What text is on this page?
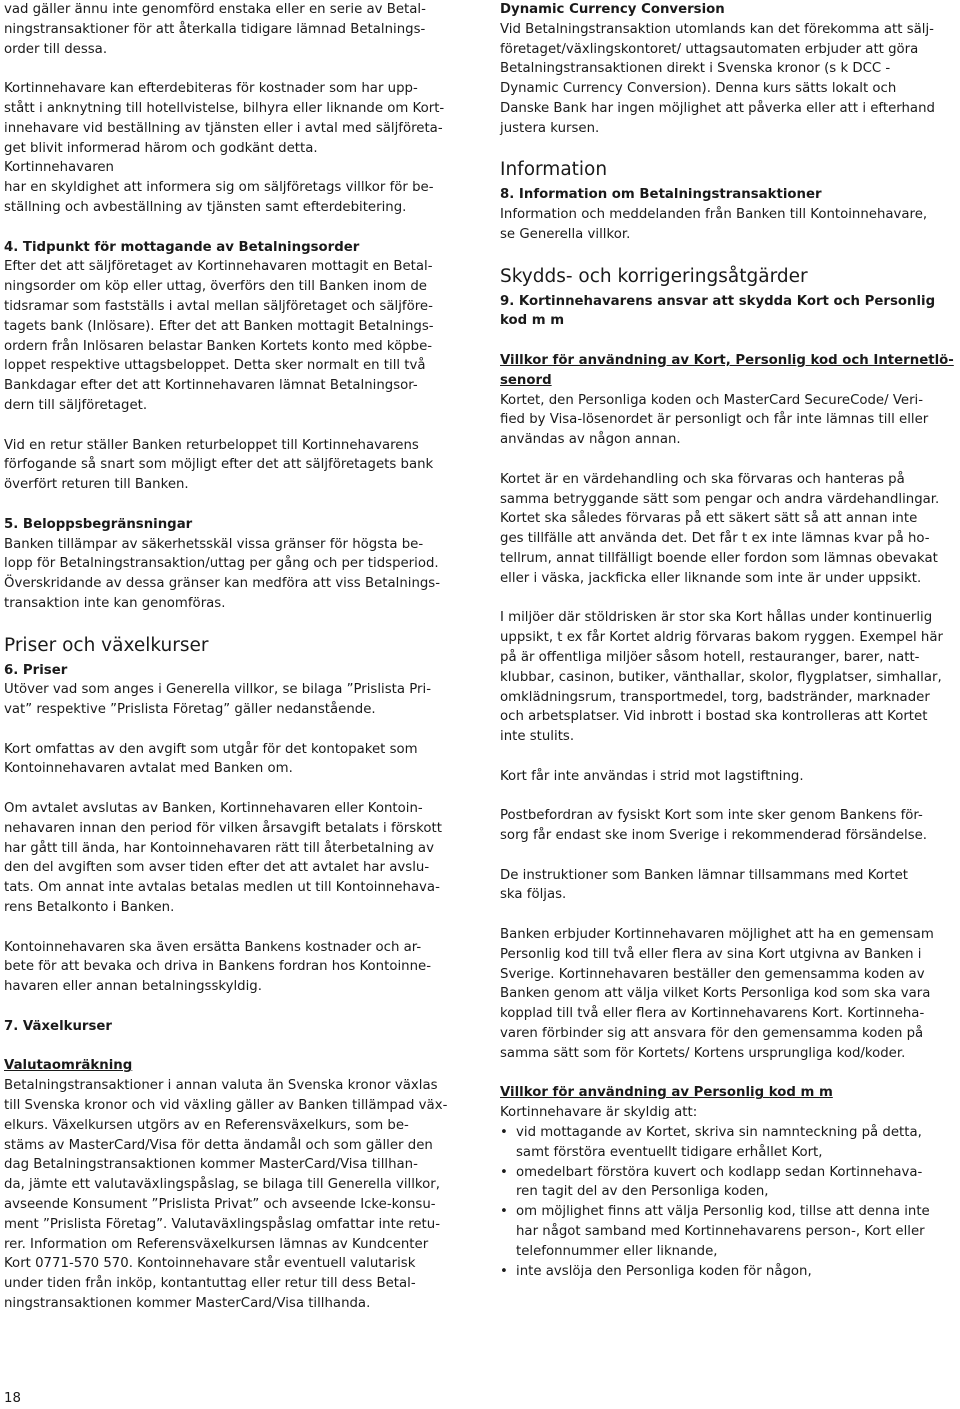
vad gäller ännu inte genomförd enstaka eller en serie av Betal-
ningstransaktioner för att återkalla tidigare lämnad Betalnings-
order till dessa.

Kortinnehavare kan efterdebiteras för kostnader som har upp-
stått i anknytning till hotellvistelse, bilhyra eller liknande om Kort-
innehavare vid beställning av tjänsten eller i avtal med säljföreta-
get blivit informerad härom och godkänt detta.

Kortinnehavaren
har en skyldighet att informera sig om säljföretags villkor för be-
ställning och avbeställning av tjänsten samt efterdebitering.

4. Tidpunkt för mottagande av Betalningsorder

Efter det att säljföretaget av Kortinnehavaren mottagit en Betal-
ningsorder om köp eller uttag, överförs den till Banken inom de
tidsramar som fastställs i avtal mellan säljföretaget och säljföre-
tagets bank (Inlösare). Efter det att Banken mottagit Betalnings-
ordern från Inlösaren belastar Banken Kortets konto med köpbe-
loppet respektive uttagsbeloppet. Detta sker normalt en till två
Bankdagar efter det att Kortinnehavaren lämnat Betalningsor-
dern till säljföretaget.

Vid en retur ställer Banken returbeloppet till Kortinnehavarens
förfogande så snart som möjligt efter det att säljföretagets bank
överfört returen till Banken.

5. Beloppsbegränsningar

Banken tillämpar av säkerhetsskäl vissa gränser för högsta be-
lopp för Betalningstransaktion/uttag per gång och per tidsperiod.
Överskridande av dessa gränser kan medföra att viss Betalnings-
transaktion inte kan genomföras.

Priser och växelkurser
6. Priser

Utöver vad som anges i Generella villkor, se bilaga ”Prislista Pri-
vat” respektive ”Prislista Företag” gäller nedanstående.

Kort omfattas av den avgift som utgår för det kontopaket som
Kontoinnehavaren avtalat med Banken om.

Om avtalet avslutas av Banken, Kortinnehavaren eller Kontoin-
nehavaren innan den period för vilken årsavgift betalats i förskott
har gått till ända, har Kontoinnehavaren rätt till återbetalning av
den del avgiften som avser tiden efter det att avtalet har avslu-
tats. Om annat inte avtalas betalas medlen ut till Kontoinnehava-
rens Betalkonto i Banken.

Kontoinnehavaren ska även ersätta Bankens kostnader och ar-
bete för att bevaka och driva in Bankens fordran hos Kontoinne-
havaren eller annan betalningsskyldig.

7. Växelkurser

Valutaomräkning

Betalningstransaktioner i annan valuta än Svenska kronor växlas
till Svenska kronor och vid växling gäller av Banken tillämpad väx-
elkurs. Växelkursen utgörs av en Referensväxelkurs, som be-
stäms av MasterCard/Visa för detta ändamål och som gäller den
dag Betalningstransaktionen kommer MasterCard/Visa tillhan-
da, jämte ett valutaväxlingspåslag, se bilaga till Generella villkor,
avseende Konsument ”Prislista Privat” och avseende Icke-konsu-
ment ”Prislista Företag”. Valutaväxlingspåslag omfattar inte retu-
rer. Information om Referensväxelkursen lämnas av Kundcenter
Kort 0771-570 570. Kontoinnehavare står eventuell valutarisk
under tiden från inköp, kontantuttag eller retur till dess Betal-
ningstransaktionen kommer MasterCard/Visa tillhanda.

Dynamic Currency Conversion

Vid Betalningstransaktion utomlands kan det förekomma att sälj-
företaget/växlingskontoret/ uttagsautomaten erbjuder att göra
Betalningstransaktionen direkt i Svenska kronor (s k DCC -
Dynamic Currency Conversion). Denna kurs sätts lokalt och
Danske Bank har ingen möjlighet att påverka eller att i efterhand
justera kursen.

Information
8. Information om Betalningstransaktioner

Information och meddelanden från Banken till Kontoinnehavare,
se Generella villkor.

Skydds- och korrigeringsåtgärder
9. Kortinnehavarens ansvar att skydda Kort och Personlig
kod m m

Villkor för användning av Kort, Personlig kod och Internetlö-
senord

Kortet, den Personliga koden och MasterCard SecureCode/ Veri-
fied by Visa-lösenordet är personligt och får inte lämnas till eller
användas av någon annan.

Kortet är en värdehandling och ska förvaras och hanteras på
samma betryggande sätt som pengar och andra värdehandlingar.
Kortet ska således förvaras på ett säkert sätt så att annan inte
ges tillfälle att använda det. Det får t ex inte lämnas kvar på ho-
tellrum, annat tillfälligt boende eller fordon som lämnas obevakat
eller i väska, jackficka eller liknande som inte är under uppsikt.

I miljöer där stöldrisken är stor ska Kort hållas under kontinuerlig
uppsikt, t ex får Kortet aldrig förvaras bakom ryggen. Exempel här
på är offentliga miljöer såsom hotell, restauranger, barer, natt-
klubbar, casinon, butiker, vänthallar, skolor, flygplatser, simhallar,
omklädningsrum, transportmedel, torg, badstränder, marknader
och arbetsplatser. Vid inbrott i bostad ska kontrolleras att Kortet
inte stulits.

Kort får inte användas i strid mot lagstiftning.

Postbefordran av fysiskt Kort som inte sker genom Bankens för-
sorg får endast ske inom Sverige i rekommenderad försändelse.

De instruktioner som Banken lämnar tillsammans med Kortet
ska följas.

Banken erbjuder Kortinnehavaren möjlighet att ha en gemensam
Personlig kod till två eller flera av sina Kort utgivna av Banken i
Sverige. Kortinnehavaren beställer den gemensamma koden av
Banken genom att välja vilket Korts Personliga kod som ska vara
kopplad till två eller flera av Kortinnehavarens Kort. Kortinneha-
varen förbinder sig att ansvara för den gemensamma koden på
samma sätt som för Kortets/ Kortens ursprungliga kod/koder.

Villkor för användning av Personlig kod m m
Kortinnehavare är skyldig att:
• vid mottagande av Kortet, skriva sin namnteckning på detta,
samt förstöra eventuellt tidigare erhållet Kort,
• omedelbart förstöra kuvert och kodlapp sedan Kortinnehava-
ren tagit del av den Personliga koden,
• om möjlighet finns att välja Personlig kod, tillse att denna inte
har något samband med Kortinnehavarens person-, Kort eller
telefonnummer eller liknande,
• inte avslöja den Personliga koden för någon,
18
